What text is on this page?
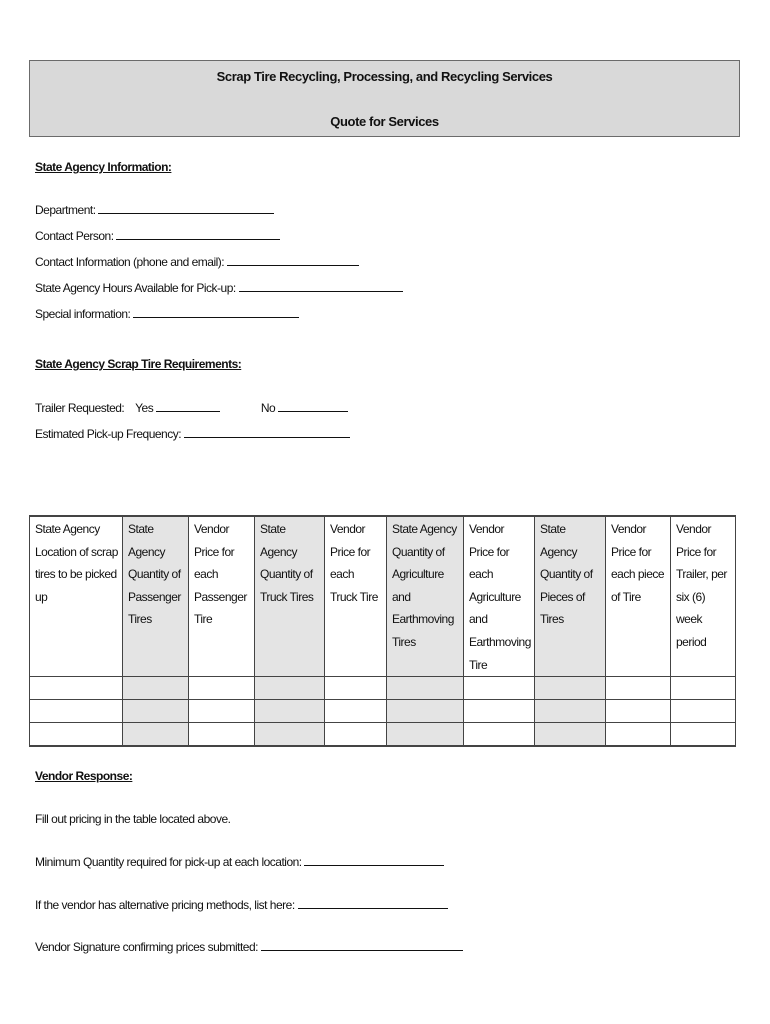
Scrap Tire Recycling, Processing, and Recycling Services
Quote for Services
State Agency Information:
Department:
Contact Person:
Contact Information (phone and email):
State Agency Hours Available for Pick-up:
Special information:
State Agency Scrap Tire Requirements:
Trailer Requested: Yes	No
Estimated Pick-up Frequency:
State Agency Location of scrap tires to be picked up	State Agency Quantity of Passenger Tires	Vendor Price for each Passenger Tire	State Agency Quantity of Truck Tires	Vendor Price for each Truck Tire	State Agency Quantity of Agriculture and Earthmoving Tires	Vendor Price for each Agriculture and Earthmoving Tire	State Agency Quantity of Pieces of Tires	Vendor Price for each piece of Tire	Vendor Price for Trailer, per six (6) week period

Vendor Response:
Fill out pricing in the table located above.
Minimum Quantity required for pick-up at each location:
If the vendor has alternative pricing methods, list here:
Vendor Signature confirming prices submitted:
